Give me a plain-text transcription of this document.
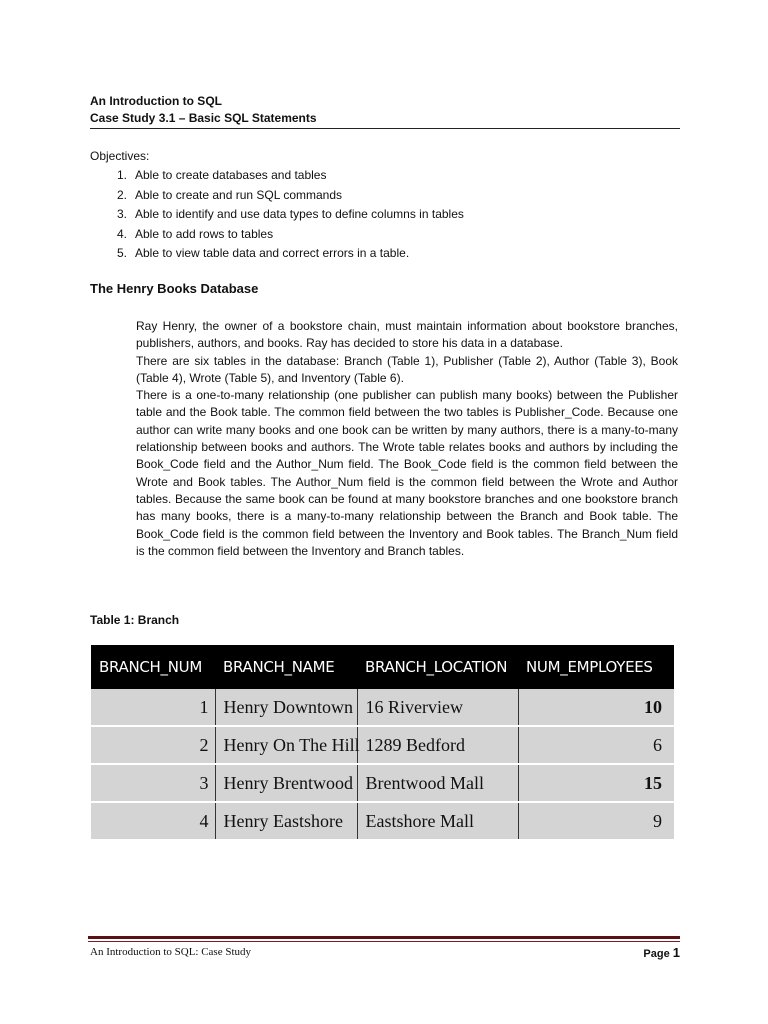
An Introduction to SQL
Case Study 3.1 – Basic SQL Statements
Objectives:
1. Able to create databases and tables
2. Able to create and run SQL commands
3. Able to identify and use data types to define columns in tables
4. Able to add rows to tables
5. Able to view table data and correct errors in a table.
The Henry Books Database

Ray Henry, the owner of a bookstore chain, must maintain information about bookstore branches, publishers, authors, and books. Ray has decided to store his data in a database.

There are six tables in the database: Branch (Table 1), Publisher (Table 2), Author (Table 3), Book (Table 4), Wrote (Table 5), and Inventory (Table 6).

There is a one-to-many relationship (one publisher can publish many books) between the Publisher table and the Book table. The common field between the two tables is Publisher_Code. Because one author can write many books and one book can be written by many authors, there is a many-to-many relationship between books and authors. The Wrote table relates books and authors by including the Book_Code field and the Author_Num field. The Book_Code field is the common field between the Wrote and Book tables. The Author_Num field is the common field between the Wrote and Author tables. Because the same book can be found at many bookstore branches and one bookstore branch has many books, there is a many-to-many relationship between the Branch and Book table. The Book_Code field is the common field between the Inventory and Book tables. The Branch_Num field is the common field between the Inventory and Branch tables.

Table 1: Branch
BRANCH_NUM	BRANCH_NAME	BRANCH_LOCATION	NUM_EMPLOYEES
1	Henry Downtown	16 Riverview	10
2	Henry On The Hill	1289 Bedford	6
3	Henry Brentwood	Brentwood Mall	15
4	Henry Eastshore	Eastshore Mall	9
An Introduction to SQL: Case Study	Page 1
